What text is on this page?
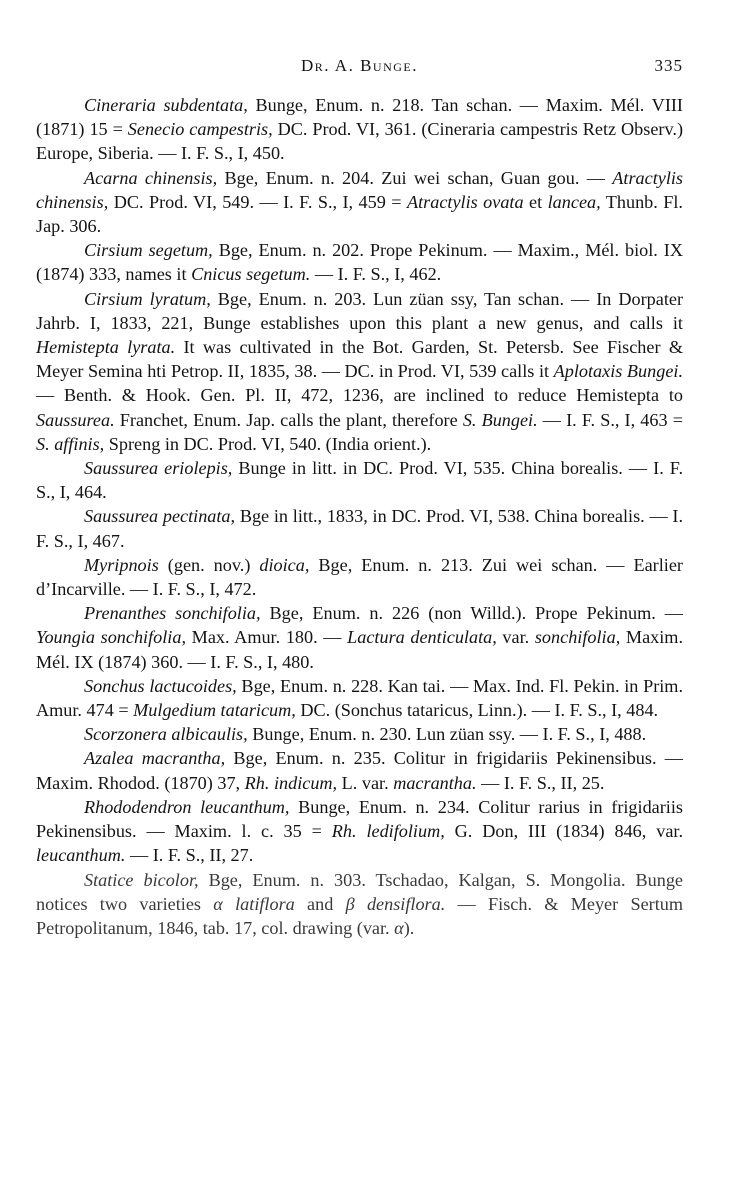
Dr. A. Bunge.	335

Cineraria subdentata, Bunge, Enum. n. 218. Tan schan. — Maxim. Mél. VIII (1871) 15 = Senecio campestris, DC. Prod. VI, 361. (Cineraria campestris Retz Observ.) Europe, Siberia. — I. F. S., I, 450.

Acarna chinensis, Bge, Enum. n. 204. Zui wei schan, Guan gou. — Atractylis chinensis, DC. Prod. VI, 549. — I. F. S., I, 459 = Atractylis ovata et lancea, Thunb. Fl. Jap. 306.

Cirsium segetum, Bge, Enum. n. 202. Prope Pekinum. — Maxim., Mél. biol. IX (1874) 333, names it Cnicus segetum. — I. F. S., I, 462.

Cirsium lyratum, Bge, Enum. n. 203. Lun züan ssy, Tan schan. — In Dorpater Jahrb. I, 1833, 221, Bunge establishes upon this plant a new genus, and calls it Hemistepta lyrata. It was cultivated in the Bot. Garden, St. Petersb. See Fischer & Meyer Semina hti Petrop. II, 1835, 38. — DC. in Prod. VI, 539 calls it Aplotaxis Bungei. — Benth. & Hook. Gen. Pl. II, 472, 1236, are inclined to reduce Hemistepta to Saussurea. Franchet, Enum. Jap. calls the plant, therefore S. Bungei. — I. F. S., I, 463 = S. affinis, Spreng in DC. Prod. VI, 540. (India orient.).

Saussurea eriolepis, Bunge in litt. in DC. Prod. VI, 535. China borealis. — I. F. S., I, 464.

Saussurea pectinata, Bge in litt., 1833, in DC. Prod. VI, 538. China borealis. — I. F. S., I, 467.

Myripnois (gen. nov.) dioica, Bge, Enum. n. 213. Zui wei schan. — Earlier d’Incarville. — I. F. S., I, 472.

Prenanthes sonchifolia, Bge, Enum. n. 226 (non Willd.). Prope Pekinum. — Youngia sonchifolia, Max. Amur. 180. — Lactura denticulata, var. sonchifolia, Maxim. Mél. IX (1874) 360. — I. F. S., I, 480.

Sonchus lactucoides, Bge, Enum. n. 228. Kan tai. — Max. Ind. Fl. Pekin. in Prim. Amur. 474 = Mulgedium tataricum, DC. (Sonchus tataricus, Linn.). — I. F. S., I, 484.

Scorzonera albicaulis, Bunge, Enum. n. 230. Lun züan ssy. — I. F. S., I, 488.

Azalea macrantha, Bge, Enum. n. 235. Colitur in frigidariis Pekinensibus. — Maxim. Rhodod. (1870) 37, Rh. indicum, L. var. macrantha. — I. F. S., II, 25.

Rhododendron leucanthum, Bunge, Enum. n. 234. Colitur rarius in frigidariis Pekinensibus. — Maxim. l. c. 35 = Rh. ledifolium, G. Don, III (1834) 846, var. leucanthum. — I. F. S., II, 27.

Statice bicolor, Bge, Enum. n. 303. Tschadao, Kalgan, S. Mongolia. Bunge notices two varieties α latiflora and β densiflora. — Fisch. & Meyer Sertum Petropolitanum, 1846, tab. 17, col. drawing (var. α).
